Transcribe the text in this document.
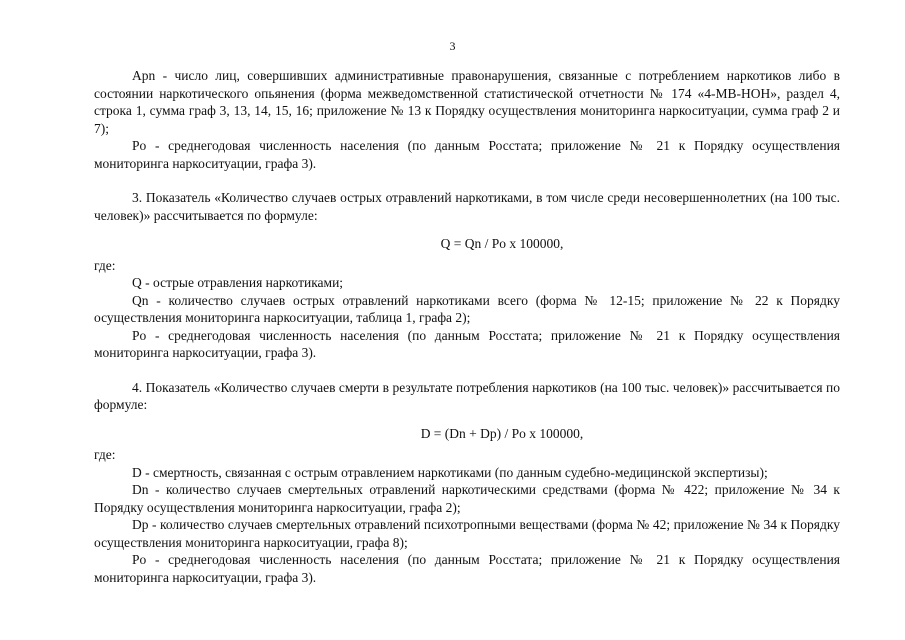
3

Apn - число лиц, совершивших административные правонарушения, связанные с потреблением наркотиков либо в состоянии наркотического опьянения (форма межведомственной статистической отчетности № 174 «4-МВ-НОН», раздел 4, строка 1, сумма граф 3, 13, 14, 15, 16; приложение № 13 к Порядку осуществления мониторинга наркоситуации, сумма граф 2 и 7);

Po - среднегодовая численность населения (по данным Росстата; приложение № 21 к Порядку осуществления мониторинга наркоситуации, графа 3).

3. Показатель «Количество случаев острых отравлений наркотиками, в том числе среди несовершеннолетних (на 100 тыс. человек)» рассчитывается по формуле:

Q = Qn / Po x 100000,

где:

Q - острые отравления наркотиками;

Qn - количество случаев острых отравлений наркотиками всего (форма № 12-15; приложение № 22 к Порядку осуществления мониторинга наркоситуации, таблица 1, графа 2);

Po - среднегодовая численность населения (по данным Росстата; приложение № 21 к Порядку осуществления мониторинга наркоситуации, графа 3).

4. Показатель «Количество случаев смерти в результате потребления наркотиков (на 100 тыс. человек)» рассчитывается по формуле:

D = (Dn + Dp) / Po x 100000,

где:

D - смертность, связанная с острым отравлением наркотиками (по данным судебно-медицинской экспертизы);

Dn - количество случаев смертельных отравлений наркотическими средствами (форма № 422; приложение № 34 к Порядку осуществления мониторинга наркоситуации, графа 2);

Dp - количество случаев смертельных отравлений психотропными веществами (форма № 42; приложение № 34 к Порядку осуществления мониторинга наркоситуации, графа 8);

Po - среднегодовая численность населения (по данным Росстата; приложение № 21 к Порядку осуществления мониторинга наркоситуации, графа 3).
